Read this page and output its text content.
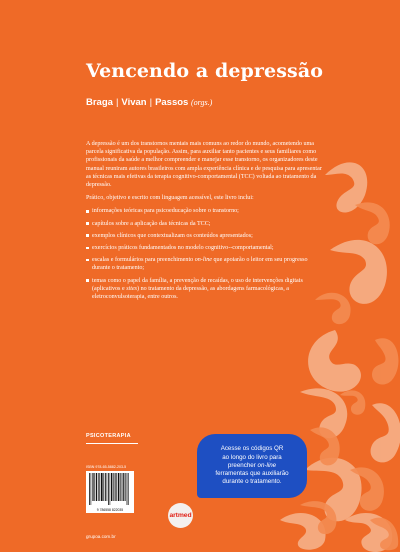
Vencendo a depressão
Braga | Vivan | Passos (orgs.)

A depressão é um dos transtornos mentais mais comuns ao redor do mundo, acometendo uma parcela significativa da população. Assim, para auxiliar tanto pacientes e seus familiares como profissionais da saúde a melhor compreender e manejar esse transtorno, os organizadores deste manual reuniram autores brasileiros com ampla experiência clínica e de pesquisa para apresentar as técnicas mais efetivas da terapia cognitivo-comportamental (TCC) voltada ao tratamento da depressão.

Prático, objetivo e escrito com linguagem acessível, este livro inclui:

informações teóricas para psicoeducação sobre o transtorno;
capítulos sobre a aplicação das técnicas da TCC;
exemplos clínicos que contextualizam os conteúdos apresentados;
exercícios práticos fundamentados no modelo cognitivo--comportamental;
escalas e formulários para preenchimento on-line que apoiarão o leitor em seu progresso durante o tratamento;
temas como o papel da família, a prevenção de recaídas, o uso de intervenções digitais (aplicativos e sites) no tratamento da depressão, as abordagens farmacológicas, a eletroconvulsoterapia, entre outros.
PSICOTERAPIA
ISBN 978-65-5882-203-5
9 786558 822035
artmed
Acesse os códigos QR
ao longo do livro para
preencher on-line
ferramentas que auxiliarão
durante o tratamento.
grupoa.com.br
